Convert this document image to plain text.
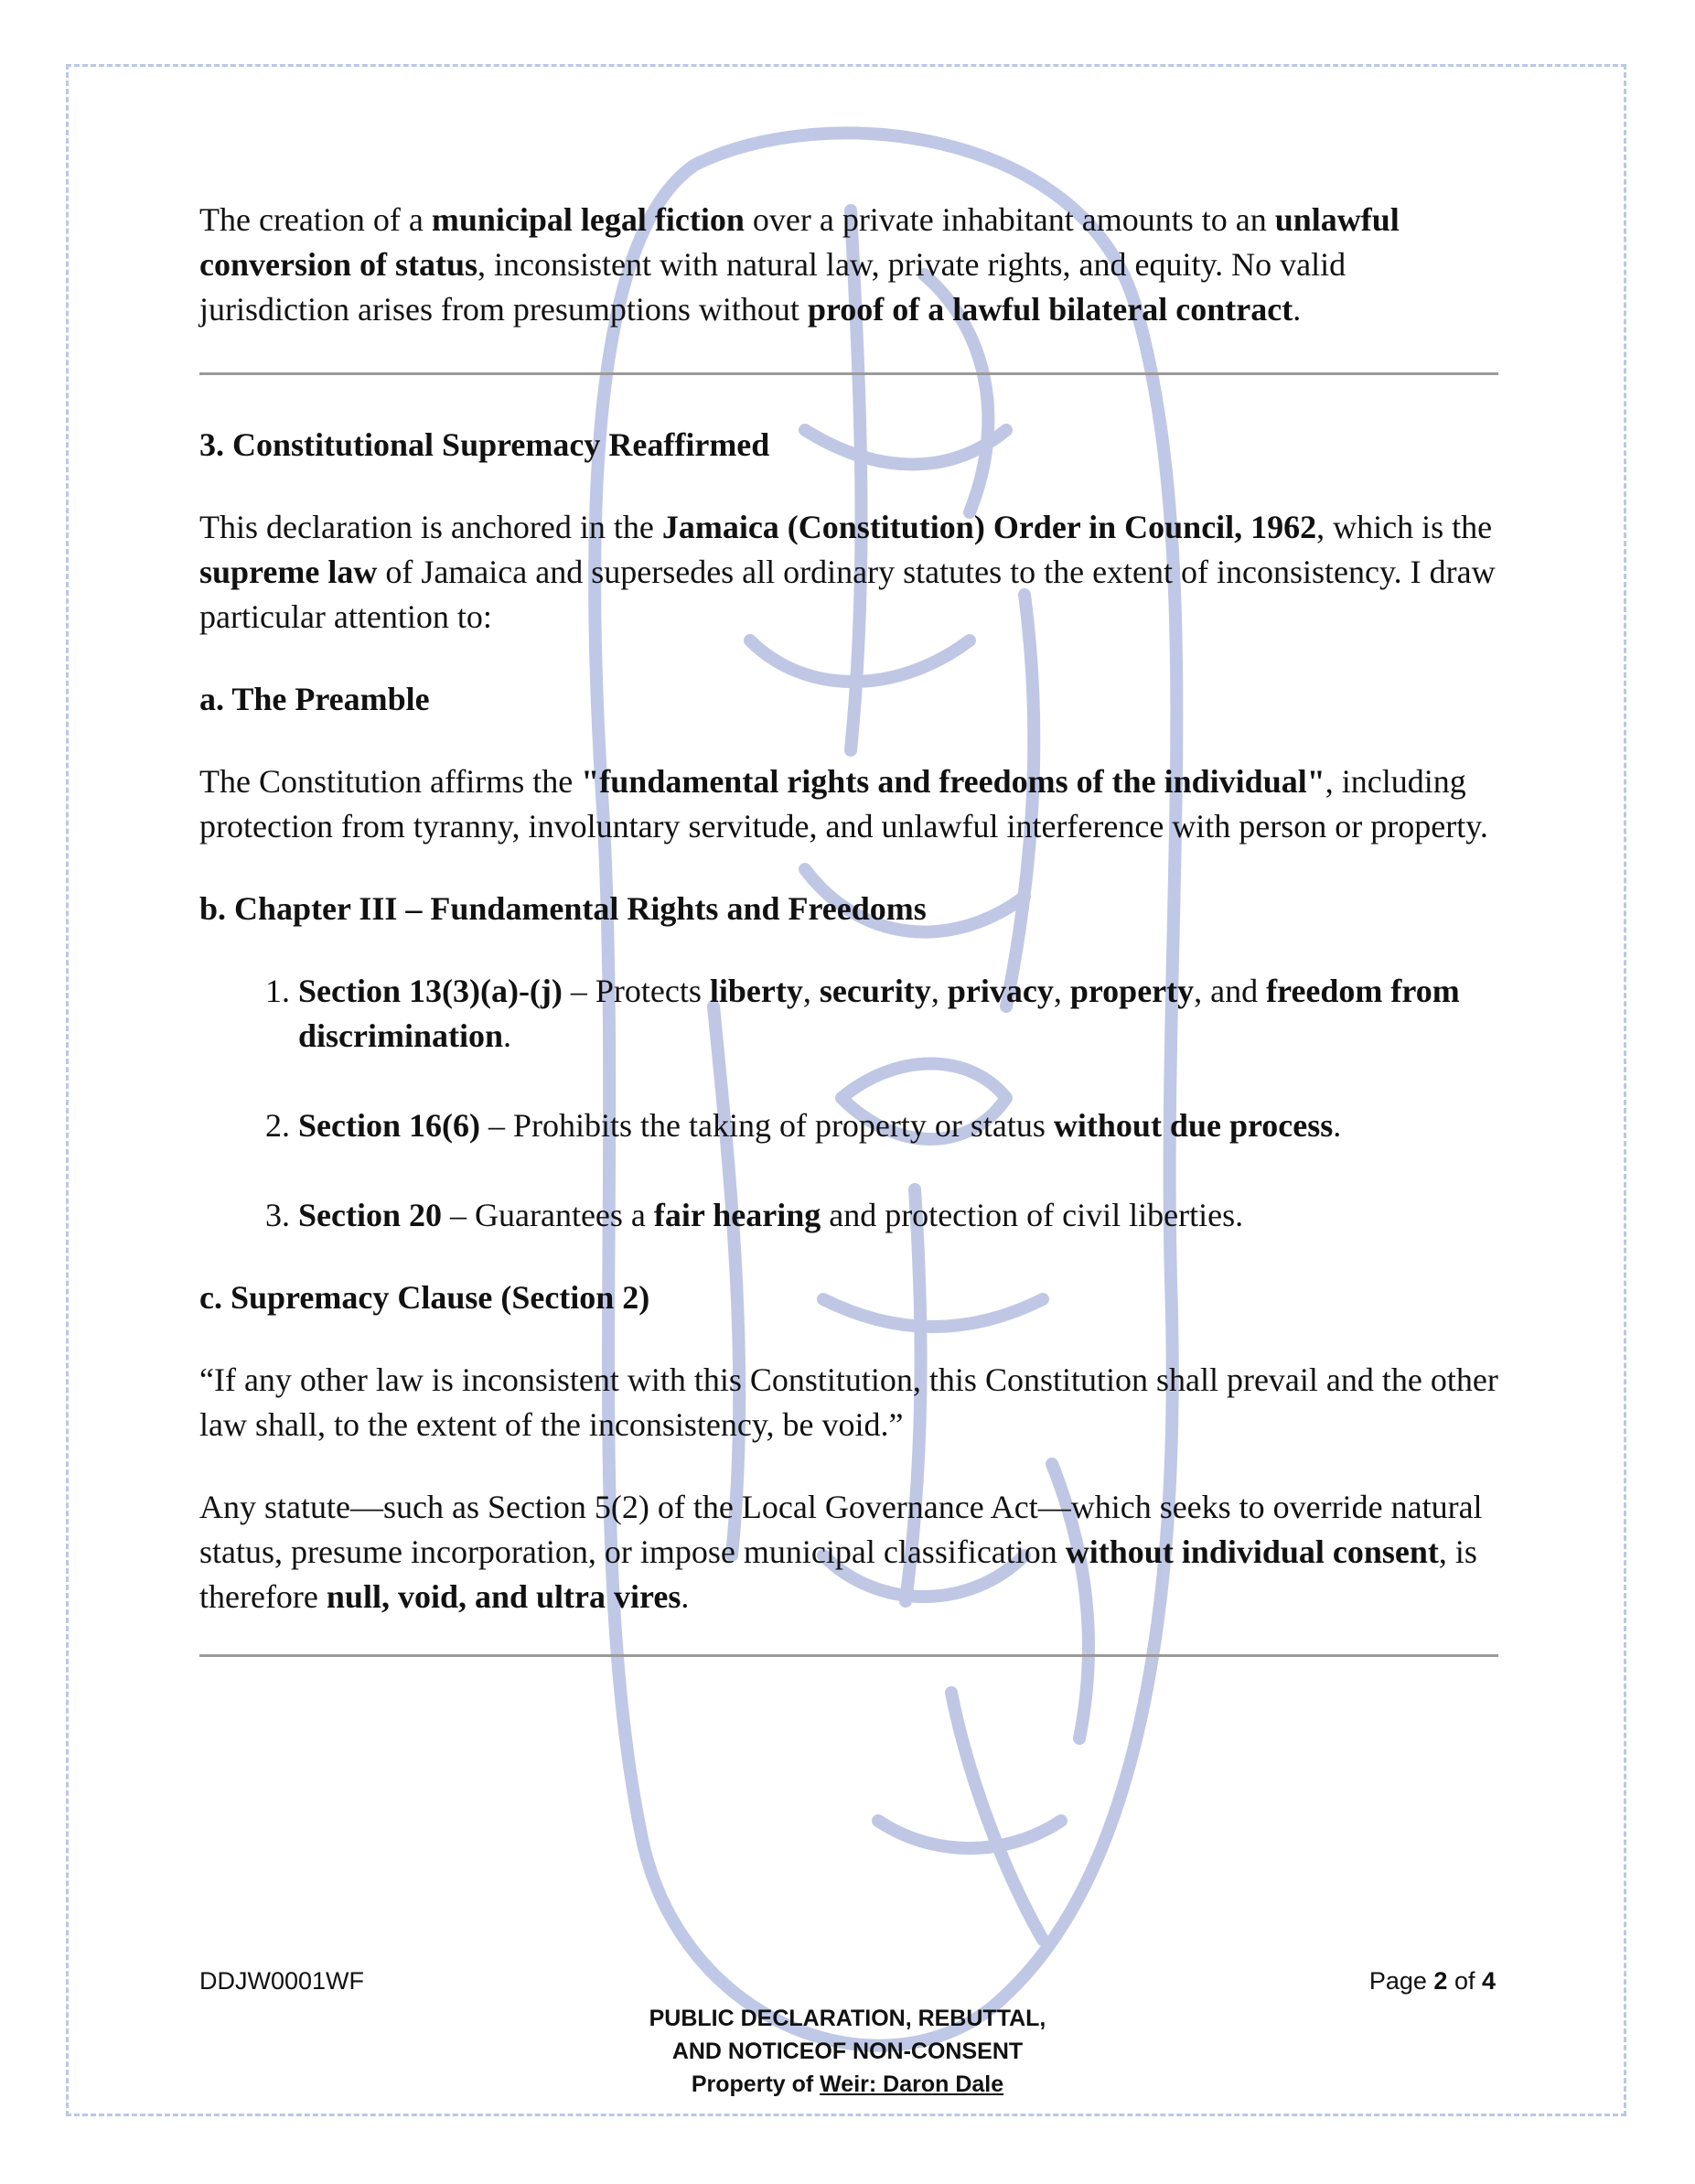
The creation of a municipal legal fiction over a private inhabitant amounts to an unlawful conversion of status, inconsistent with natural law, private rights, and equity. No valid jurisdiction arises from presumptions without proof of a lawful bilateral contract.

3. Constitutional Supremacy Reaffirmed

This declaration is anchored in the Jamaica (Constitution) Order in Council, 1962, which is the supreme law of Jamaica and supersedes all ordinary statutes to the extent of inconsistency. I draw particular attention to:

a. The Preamble

The Constitution affirms the "fundamental rights and freedoms of the individual", including protection from tyranny, involuntary servitude, and unlawful interference with person or property.

b. Chapter III – Fundamental Rights and Freedoms

1. Section 13(3)(a)-(j) – Protects liberty, security, privacy, property, and freedom from discrimination.
2. Section 16(6) – Prohibits the taking of property or status without due process.
3. Section 20 – Guarantees a fair hearing and protection of civil liberties.

c. Supremacy Clause (Section 2)

“If any other law is inconsistent with this Constitution, this Constitution shall prevail and the other law shall, to the extent of the inconsistency, be void.”

Any statute—such as Section 5(2) of the Local Governance Act—which seeks to override natural status, presume incorporation, or impose municipal classification without individual consent, is therefore null, void, and ultra vires.

DDJW0001WF	Page 2 of 4
PUBLIC DECLARATION, REBUTTAL,
AND NOTICEOF NON-CONSENT
Property of Weir: Daron Dale
